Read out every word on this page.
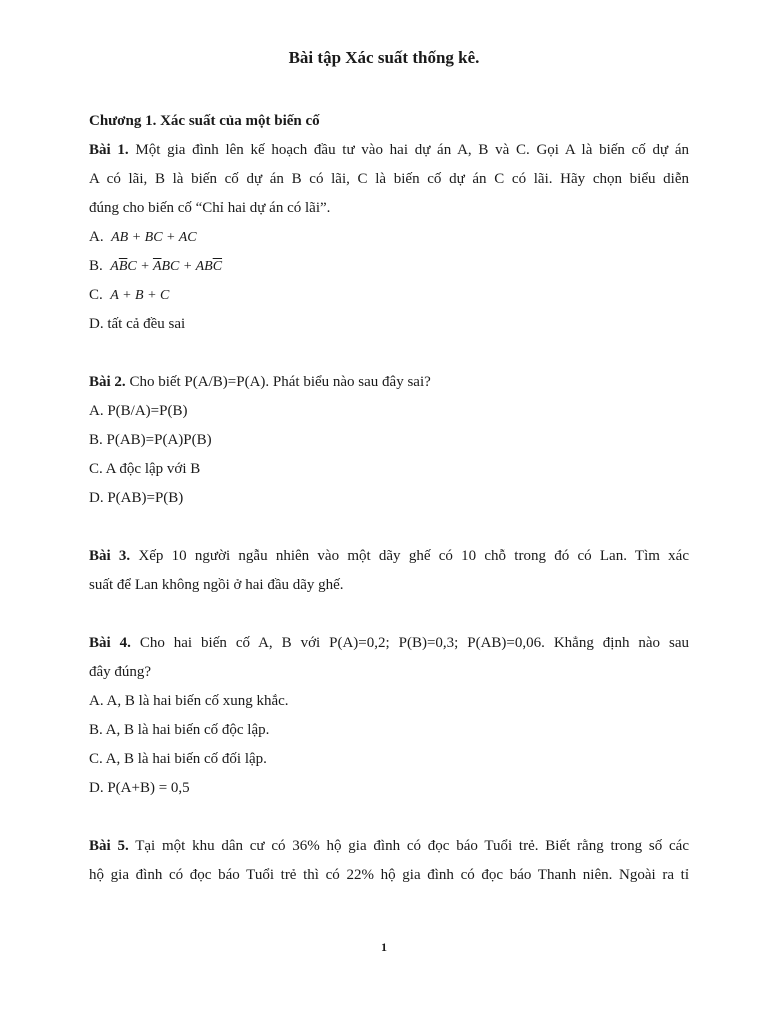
Bài tập Xác suất thống kê.
Chương 1. Xác suất của một biến cố
Bài 1. Một gia đình lên kế hoạch đầu tư vào hai dự án A, B và C. Gọi A là biến cố dự án
A có lãi, B là biến cố dự án B có lãi, C là biến cố dự án C có lãi. Hãy chọn biểu diễn
đúng cho biến cố “Chỉ hai dự án có lãi”.
A. AB + BC + AC
B. $A\overline{B}C + \overline{A}BC + AB\overline{C}$
C. A + B + C
D. tất cả đều sai
Bài 2. Cho biết P(A/B)=P(A). Phát biểu nào sau đây sai?
A. P(B/A)=P(B)
B. P(AB)=P(A)P(B)
C. A độc lập với B
D. P(AB)=P(B)
Bài 3. Xếp 10 người ngẫu nhiên vào một dãy ghế có 10 chỗ trong đó có Lan. Tìm xác
suất để Lan không ngồi ở hai đầu dãy ghế.
Bài 4. Cho hai biến cố A, B với P(A)=0,2; P(B)=0,3; P(AB)=0,06. Khẳng định nào sau
đây đúng?
A. A, B là hai biến cố xung khắc.
B. A, B là hai biến cố độc lập.
C. A, B là hai biến cố đối lập.
D. P(A+B) = 0,5
Bài 5. Tại một khu dân cư có 36% hộ gia đình có đọc báo Tuổi trẻ. Biết rằng trong số các
hộ gia đình có đọc báo Tuổi trẻ thì có 22% hộ gia đình có đọc báo Thanh niên. Ngoài ra tỉ
1
